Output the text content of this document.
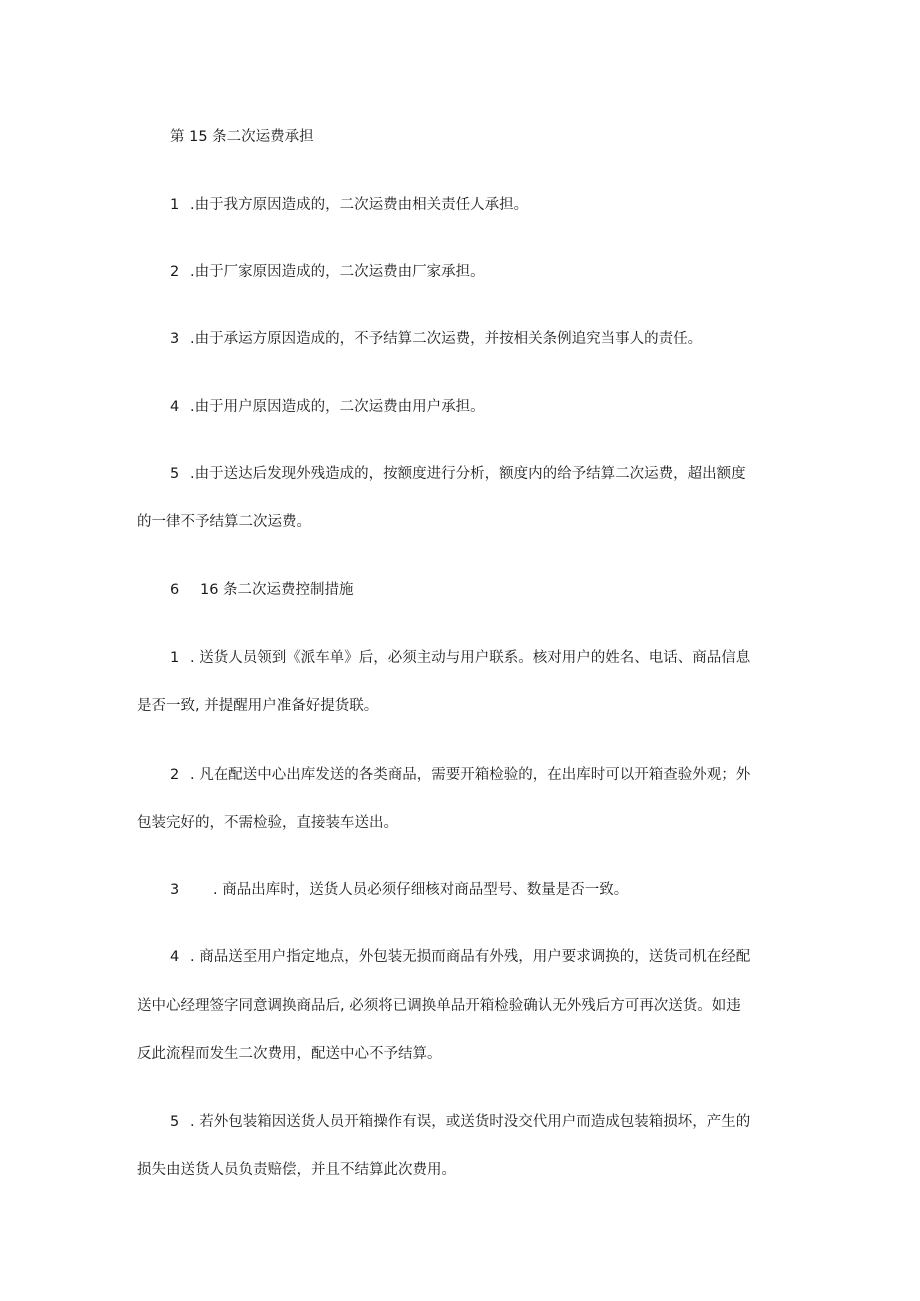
第 15 条二次运费承担
1 .由于我方原因造成的，二次运费由相关责任人承担。
2 .由于厂家原因造成的，二次运费由厂家承担。
3 .由于承运方原因造成的，不予结算二次运费，并按相关条例追究当事人的责任。
4 .由于用户原因造成的，二次运费由用户承担。
5 .由于送达后发现外残造成的，按额度进行分析，额度内的给予结算二次运费，超出额度
的一律不予结算二次运费。
6 16 条二次运费控制措施
1 . 送货人员领到《派车单》后，必须主动与用户联系。核对用户的姓名、电话、商品信息
是否一致, 并提醒用户准备好提货联。
2 . 凡在配送中心出库发送的各类商品，需要开箱检验的，在出库时可以开箱查验外观；外
包装完好的，不需检验，直接装车送出。
3 . 商品出库时，送货人员必须仔细核对商品型号、数量是否一致。
4 . 商品送至用户指定地点，外包装无损而商品有外残，用户要求调换的，送货司机在经配
送中心经理签字同意调换商品后, 必须将已调换单品开箱检验确认无外残后方可再次送货。如违
反此流程而发生二次费用，配送中心不予结算。
5 . 若外包装箱因送货人员开箱操作有误，或送货时没交代用户而造成包装箱损坏，产生的
损失由送货人员负责赔偿，并且不结算此次费用。
